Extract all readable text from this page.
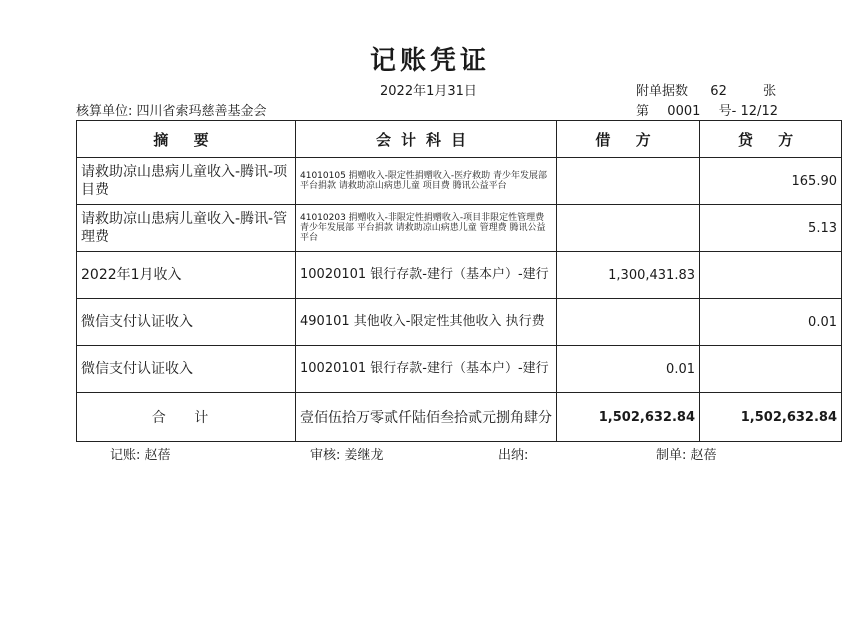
记账凭证
2022年1月31日	附单据数 62	张
核算单位: 四川省索玛慈善基金会	第 0001 号- 12/12
摘 要	会计科目	借 方	贷 方
请救助凉山患病儿童收入-腾讯-项目费	41010105 捐赠收入-限定性捐赠收入-医疗救助 青少年发展部 平台捐款 请救助凉山病患儿童 项目费 腾讯公益平台		165.90
请救助凉山患病儿童收入-腾讯-管理费	41010203 捐赠收入-非限定性捐赠收入-项目非限定性管理费 青少年发展部 平台捐款 请救助凉山病患儿童 管理费 腾讯公益平台		5.13
2022年1月收入	10020101 银行存款-建行（基本户）-建行	1,300,431.83	
微信支付认证收入	490101 其他收入-限定性其他收入 执行费		0.01
微信支付认证收入	10020101 银行存款-建行（基本户）-建行	0.01	
合 计	壹佰伍拾万零贰仟陆佰叁拾贰元捌角肆分	1,502,632.84	1,502,632.84
记账: 赵蓓	审核: 姜继龙	出纳:	制单: 赵蓓
